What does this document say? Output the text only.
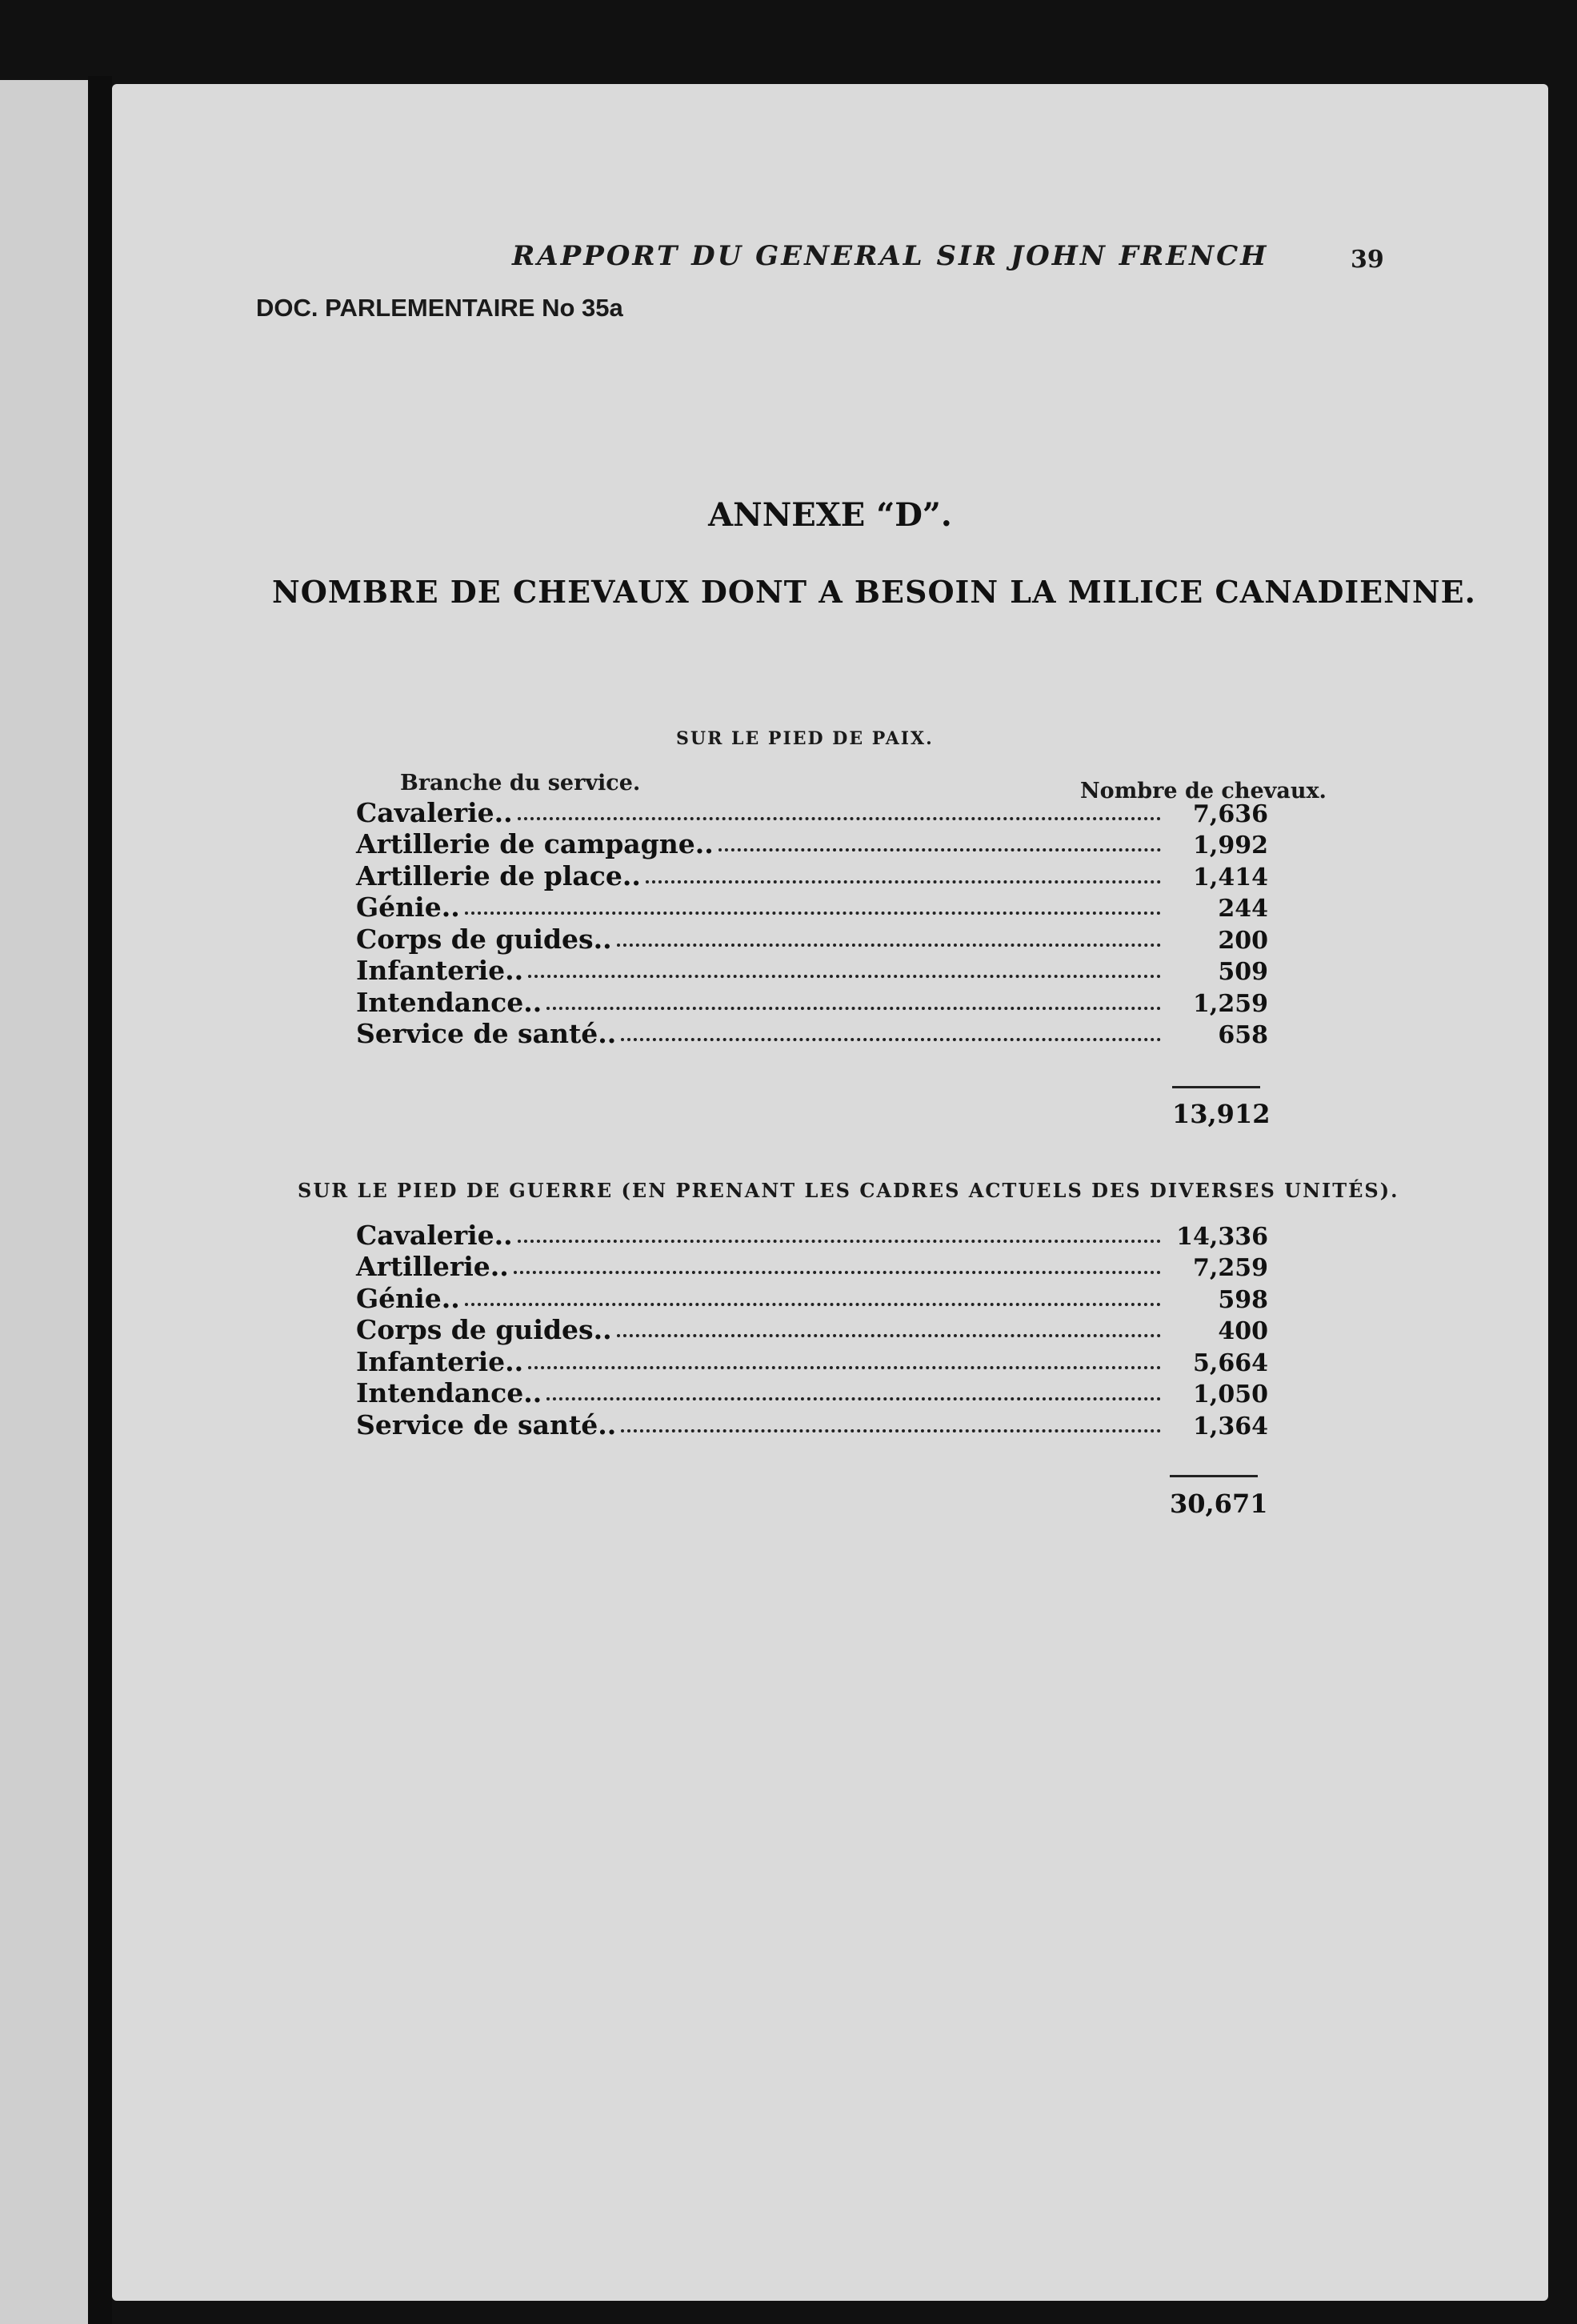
RAPPORT DU GENERAL SIR JOHN FRENCH	39
DOC. PARLEMENTAIRE No 35a
ANNEXE “D”.
NOMBRE DE CHEVAUX DONT A BESOIN LA MILICE CANADIENNE.
SUR LE PIED DE PAIX.
Branche du service.	Nombre de chevaux.
Cavalerie..	7,636
Artillerie de campagne..	1,992
Artillerie de place..	1,414
Génie..	244
Corps de guides..	200
Infanterie..	509
Intendance..	1,259
Service de santé..	658
13,912
SUR LE PIED DE GUERRE (EN PRENANT LES CADRES ACTUELS DES DIVERSES UNITÉS).
Cavalerie..	14,336
Artillerie..	7,259
Génie..	598
Corps de guides..	400
Infanterie..	5,664
Intendance..	1,050
Service de santé..	1,364
30,671
